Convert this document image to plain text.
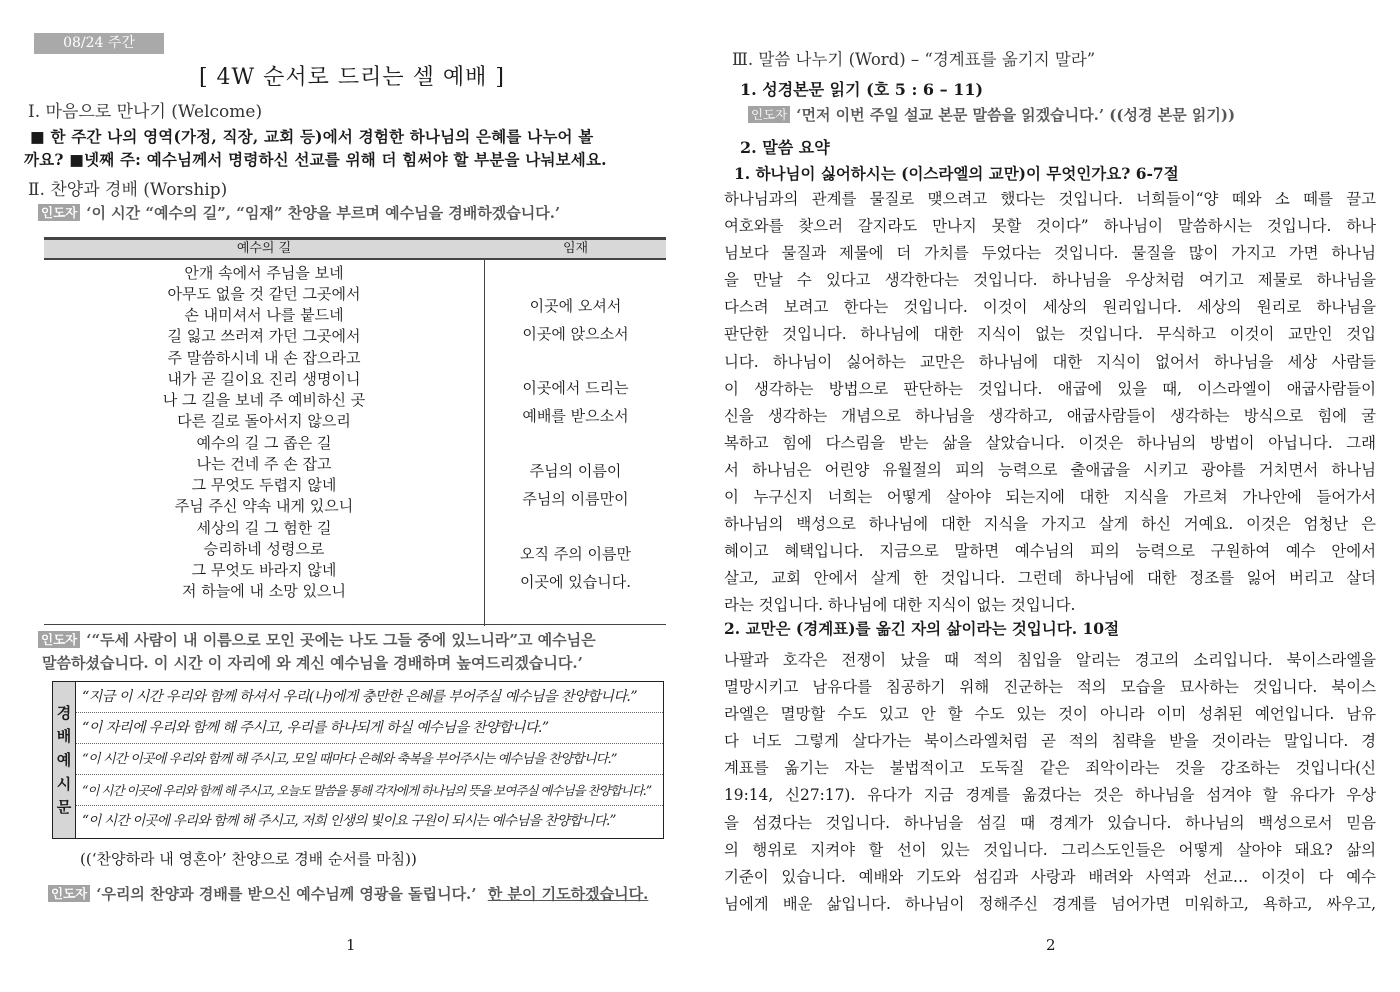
08/24 주간
[ 4W 순서로 드리는 셀 예배 ]
Ⅰ. 마음으로 만나기 (Welcome)
■ 한 주간 나의 영역(가정, 직장, 교회 등)에서 경험한 하나님의 은혜를 나누어 볼
까요? ■넷째 주: 예수님께서 명령하신 선교를 위해 더 힘써야 할 부분을 나눠보세요.
Ⅱ. 찬양과 경배 (Worship)
인도자 ‘이 시간 “예수의 길”, “임재” 찬양을 부르며 예수님을 경배하겠습니다.’
예수의 길	임재
안개 속에서 주님을 보네
아무도 없을 것 같던 그곳에서
손 내미셔서 나를 붙드네
길 잃고 쓰러져 가던 그곳에서
주 말씀하시네 내 손 잡으라고
내가 곧 길이요 진리 생명이니
나 그 길을 보네 주 예비하신 곳
다른 길로 돌아서지 않으리
예수의 길 그 좁은 길
나는 건네 주 손 잡고
그 무엇도 두렵지 않네
주님 주신 약속 내게 있으니
세상의 길 그 험한 길
승리하네 성령으로
그 무엇도 바라지 않네
저 하늘에 내 소망 있으니
이곳에 오셔서
이곳에 앉으소서
이곳에서 드리는
예배를 받으소서
주님의 이름이
주님의 이름만이
오직 주의 이름만
이곳에 있습니다.
인도자 ‘“두세 사람이 내 이름으로 모인 곳에는 나도 그들 중에 있느니라”고 예수님은
말씀하셨습니다. 이 시간 이 자리에 와 계신 예수님을 경배하며 높여드리겠습니다.’
경
배
예
시
문
“지금 이 시간 우리와 함께 하셔서 우리(나)에게 충만한 은혜를 부어주실 예수님을 찬양합니다.”
“이 자리에 우리와 함께 해 주시고, 우리를 하나되게 하실 예수님을 찬양합니다.”
“이 시간 이곳에 우리와 함께 해 주시고, 모일 때마다 은혜와 축복을 부어주시는 예수님을 찬양합니다.”
“이 시간 이곳에 우리와 함께 해 주시고, 오늘도 말씀을 통해 각자에게 하나님의 뜻을 보여주실 예수님을 찬양합니다.”
“이 시간 이곳에 우리와 함께 해 주시고, 저희 인생의 빛이요 구원이 되시는 예수님을 찬양합니다.”
((‘찬양하라 내 영혼아’ 찬양으로 경배 순서를 마침))
인도자 ‘우리의 찬양과 경배를 받으신 예수님께 영광을 돌립니다.’ 한 분이 기도하겠습니다.
1
Ⅲ. 말씀 나누기 (Word) – “경계표를 옮기지 말라”
1. 성경본문 읽기 (호 5 : 6 – 11)
인도자 ‘먼저 이번 주일 설교 본문 말씀을 읽겠습니다.’ ((성경 본문 읽기))
2. 말씀 요약
1. 하나님이 싫어하시는 (이스라엘의 교만)이 무엇인가요? 6-7절
하나님과의 관계를 물질로 맺으려고 했다는 것입니다. 너희들이“양 떼와 소 떼를 끌고
여호와를 찾으러 갈지라도 만나지 못할 것이다” 하나님이 말씀하시는 것입니다. 하나
님보다 물질과 제물에 더 가치를 두었다는 것입니다. 물질을 많이 가지고 가면 하나님
을 만날 수 있다고 생각한다는 것입니다. 하나님을 우상처럼 여기고 제물로 하나님을
다스려 보려고 한다는 것입니다. 이것이 세상의 원리입니다. 세상의 원리로 하나님을
판단한 것입니다. 하나님에 대한 지식이 없는 것입니다. 무식하고 이것이 교만인 것입
니다. 하나님이 싫어하는 교만은 하나님에 대한 지식이 없어서 하나님을 세상 사람들
이 생각하는 방법으로 판단하는 것입니다. 애굽에 있을 때, 이스라엘이 애굽사람들이
신을 생각하는 개념으로 하나님을 생각하고, 애굽사람들이 생각하는 방식으로 힘에 굴
복하고 힘에 다스림을 받는 삶을 살았습니다. 이것은 하나님의 방법이 아닙니다. 그래
서 하나님은 어린양 유월절의 피의 능력으로 출애굽을 시키고 광야를 거치면서 하나님
이 누구신지 너희는 어떻게 살아야 되는지에 대한 지식을 가르쳐 가나안에 들어가서
하나님의 백성으로 하나님에 대한 지식을 가지고 살게 하신 거예요. 이것은 엄청난 은
혜이고 혜택입니다. 지금으로 말하면 예수님의 피의 능력으로 구원하여 예수 안에서
살고, 교회 안에서 살게 한 것입니다. 그런데 하나님에 대한 정조를 잃어 버리고 살더
라는 것입니다. 하나님에 대한 지식이 없는 것입니다.
2. 교만은 (경계표)를 옮긴 자의 삶이라는 것입니다. 10절
나팔과 호각은 전쟁이 났을 때 적의 침입을 알리는 경고의 소리입니다. 북이스라엘을
멸망시키고 남유다를 침공하기 위해 진군하는 적의 모습을 묘사하는 것입니다. 북이스
라엘은 멸망할 수도 있고 안 할 수도 있는 것이 아니라 이미 성취된 예언입니다. 남유
다 너도 그렇게 살다가는 북이스라엘처럼 곧 적의 침략을 받을 것이라는 말입니다. 경
계표를 옮기는 자는 불법적이고 도둑질 같은 죄악이라는 것을 강조하는 것입니다(신
19:14, 신27:17). 유다가 지금 경계를 옮겼다는 것은 하나님을 섬겨야 할 유다가 우상
을 섬겼다는 것입니다. 하나님을 섬길 때 경계가 있습니다. 하나님의 백성으로서 믿음
의 행위로 지켜야 할 선이 있는 것입니다. 그리스도인들은 어떻게 살아야 돼요? 삶의
기준이 있습니다. 예배와 기도와 섬김과 사랑과 배려와 사역과 선교… 이것이 다 예수
님에게 배운 삶입니다. 하나님이 정해주신 경계를 넘어가면 미워하고, 욕하고, 싸우고,
2
